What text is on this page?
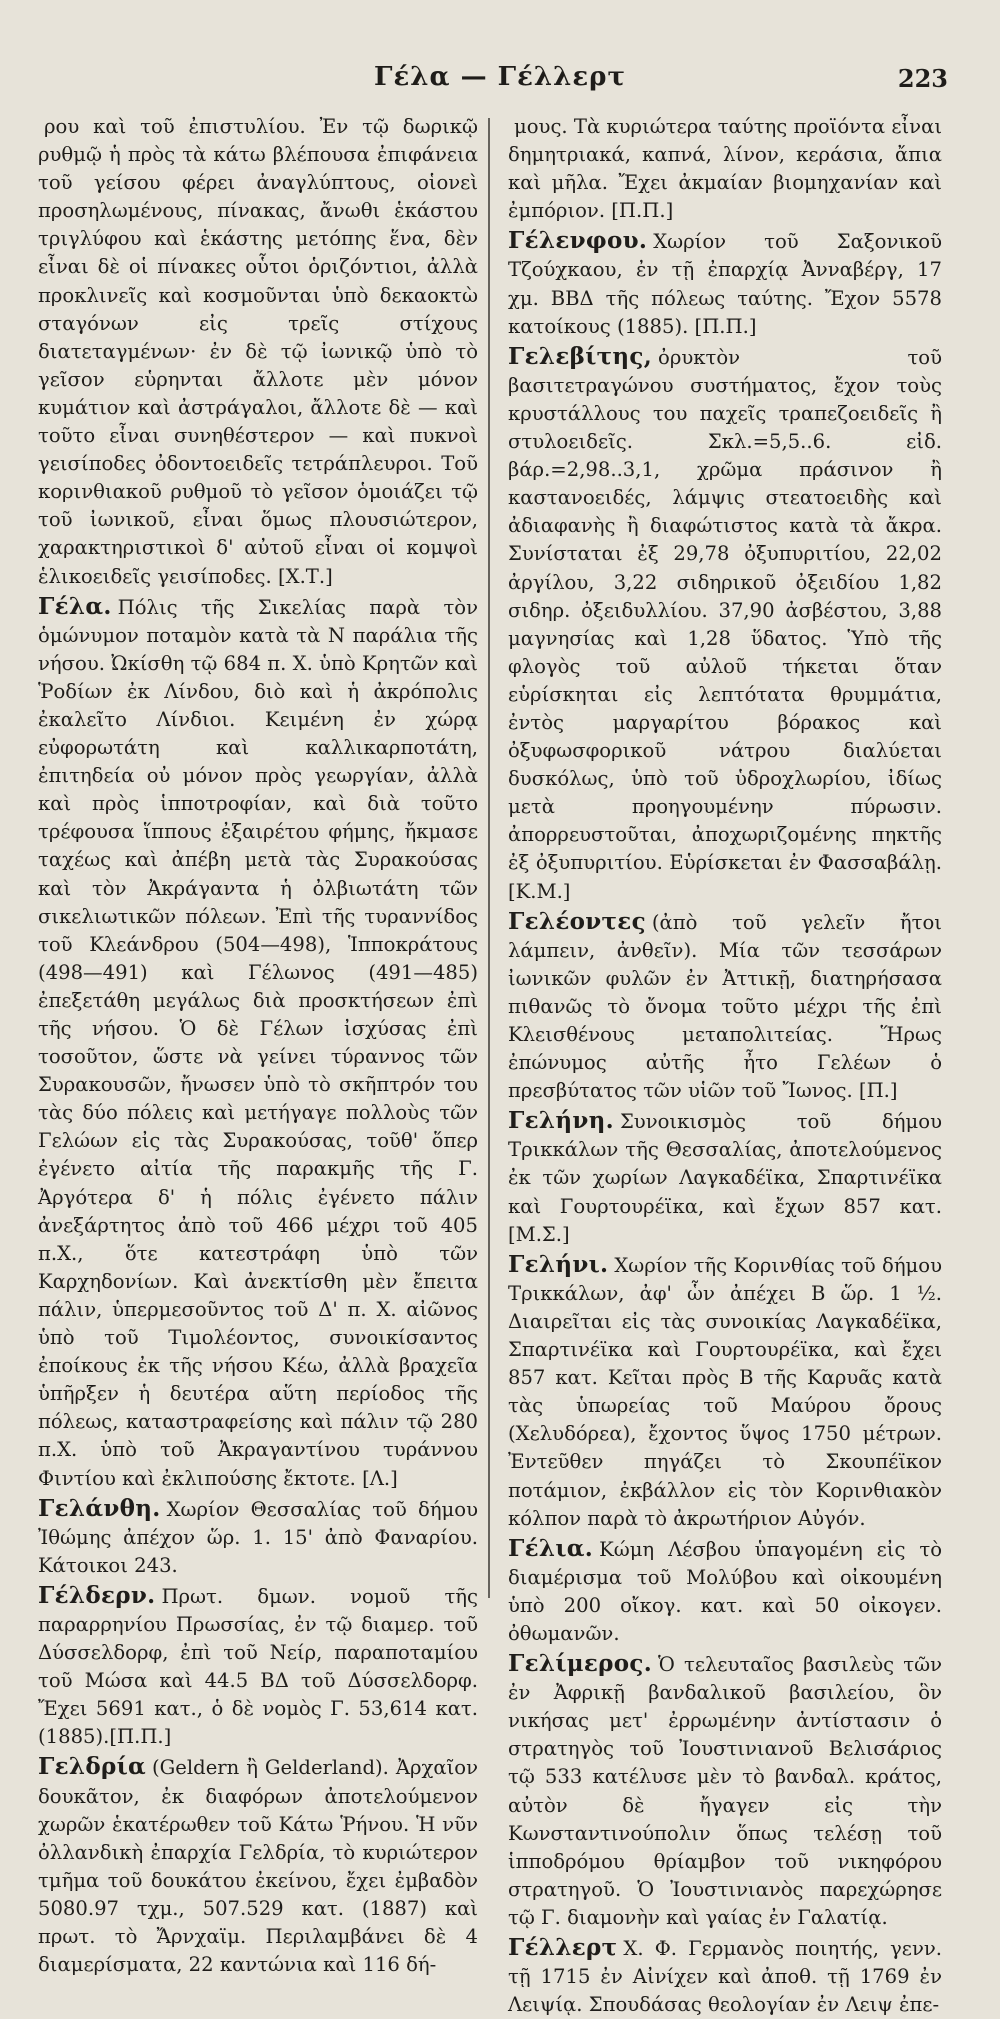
Γέλα — Γέλλερτ	223

ρου καὶ τοῦ ἐπιστυλίου. Ἐν τῷ δωρικῷ ρυθμῷ ἡ πρὸς τὰ κάτω βλέπουσα ἐπιφάνεια τοῦ γείσου φέρει ἀναγλύπτους, οἱονεὶ προσηλωμένους, πίνακας, ἄνωθι ἑκάστου τριγλύφου καὶ ἑκάστης μετόπης ἕνα, δὲν εἶναι δὲ οἱ πίνακες οὗτοι ὁριζόντιοι, ἀλλὰ προκλινεῖς καὶ κοσμοῦνται ὑπὸ δεκαοκτὼ σταγόνων εἰς τρεῖς στίχους διατεταγμένων· ἐν δὲ τῷ ἰωνικῷ ὑπὸ τὸ γεῖσον εὑρηνται ἄλλοτε μὲν μόνον κυμάτιον καὶ ἀστράγαλοι, ἄλλοτε δὲ — καὶ τοῦτο εἶναι συνηθέστερον — καὶ πυκνοὶ γεισίποδες ὀδοντοειδεῖς τετράπλευροι. Τοῦ κορινθιακοῦ ρυθμοῦ τὸ γεῖσον ὁμοιάζει τῷ τοῦ ἰωνικοῦ, εἶναι ὅμως πλουσιώτερον, χαρακτηριστικοὶ δ' αὐτοῦ εἶναι οἱ κομψοὶ ἑλικοειδεῖς γεισίποδες. [Χ.Τ.]

Γέλα. Πόλις τῆς Σικελίας παρὰ τὸν ὁμώνυμον ποταμὸν κατὰ τὰ Ν παράλια τῆς νήσου. Ὠκίσθη τῷ 684 π. Χ. ὑπὸ Κρητῶν καὶ Ῥοδίων ἐκ Λίνδου, διὸ καὶ ἡ ἀκρόπολις ἐκαλεῖτο Λίνδιοι. Κειμένη ἐν χώρᾳ εὐφορωτάτη καὶ καλλικαρποτάτη, ἐπιτηδεία οὐ μόνον πρὸς γεωργίαν, ἀλλὰ καὶ πρὸς ἱπποτροφίαν, καὶ διὰ τοῦτο τρέφουσα ἵππους ἐξαιρέτου φήμης, ἤκμασε ταχέως καὶ ἀπέβη μετὰ τὰς Συρακούσας καὶ τὸν Ἀκράγαντα ἡ ὀλβιωτάτη τῶν σικελιωτικῶν πόλεων. Ἐπὶ τῆς τυραννίδος τοῦ Κλεάνδρου (504—498), Ἱπποκράτους (498—491) καὶ Γέλωνος (491—485) ἐπεξετάθη μεγάλως διὰ προσκτήσεων ἐπὶ τῆς νήσου. Ὁ δὲ Γέλων ἰσχύσας ἐπὶ τοσοῦτον, ὥστε νὰ γείνει τύραννος τῶν Συρακουσῶν, ἤνωσεν ὑπὸ τὸ σκῆπτρόν του τὰς δύο πόλεις καὶ μετήγαγε πολλοὺς τῶν Γελώων εἰς τὰς Συρακούσας, τοῦθ' ὅπερ ἐγένετο αἰτία τῆς παρακμῆς τῆς Γ. Ἀργότερα δ' ἡ πόλις ἐγένετο πάλιν ἀνεξάρτητος ἀπὸ τοῦ 466 μέχρι τοῦ 405 π.Χ., ὅτε κατεστράφη ὑπὸ τῶν Καρχηδονίων. Καὶ ἀνεκτίσθη μὲν ἔπειτα πάλιν, ὑπερμεσοῦντος τοῦ Δ' π. Χ. αἰῶνος ὑπὸ τοῦ Τιμολέοντος, συνοικίσαντος ἐποίκους ἐκ τῆς νήσου Κέω, ἀλλὰ βραχεῖα ὑπῆρξεν ἡ δευτέρα αὕτη περίοδος τῆς πόλεως, καταστραφείσης καὶ πάλιν τῷ 280 π.Χ. ὑπὸ τοῦ Ἀκραγαντίνου τυράννου Φιντίου καὶ ἐκλιπούσης ἔκτοτε. [Λ.]

Γελάνθη. Χωρίον Θεσσαλίας τοῦ δήμου Ἰθώμης ἀπέχον ὥρ. 1. 15' ἀπὸ Φαναρίου. Κάτοικοι 243.

Γέλδερν. Πρωτ. δμων. νομοῦ τῆς παραρρηνίου Πρωσσίας, ἐν τῷ διαμερ. τοῦ Δύσσελδορφ, ἐπὶ τοῦ Νείρ, παραποταμίου τοῦ Μώσα καὶ 44.5 ΒΔ τοῦ Δύσσελδορφ. Ἔχει 5691 κατ., ὁ δὲ νομὸς Γ. 53,614 κατ.(1885).[Π.Π.]

Γελδρία (Geldern ἢ Gelderland). Ἀρχαῖον δουκᾶτον, ἐκ διαφόρων ἀποτελούμενον χωρῶν ἑκατέρωθεν τοῦ Κάτω Ῥήνου. Ἡ νῦν ὀλλανδικὴ ἐπαρχία Γελδρία, τὸ κυριώτερον τμῆμα τοῦ δουκάτου ἐκείνου, ἔχει ἐμβαδὸν 5080.97 τχμ., 507.529 κατ. (1887) καὶ πρωτ. τὸ Ἄρνχαϊμ. Περιλαμβάνει δὲ 4 διαμερίσματα, 22 καντώνια καὶ 116 δή-

μους. Τὰ κυριώτερα ταύτης προϊόντα εἶναι δημητριακά, καπνά, λίνον, κεράσια, ἄπια καὶ μῆλα. Ἔχει ἀκμαίαν βιομηχανίαν καὶ ἐμπόριον. [Π.Π.]

Γέλενφου. Χωρίον τοῦ Σαξονικοῦ Τζούχκαου, ἐν τῇ ἐπαρχίᾳ Ἀνναβέργ, 17 χμ. ΒΒΔ τῆς πόλεως ταύτης. Ἔχον 5578 κατοίκους (1885). [Π.Π.]

Γελεβίτης, ὀρυκτὸν τοῦ βασιτετραγώνου συστήματος, ἔχον τοὺς κρυστάλλους του παχεῖς τραπεζοειδεῖς ἢ στυλοειδεῖς. Σκλ.=5,5..6. εἰδ. βάρ.=2,98..3,1, χρῶμα πράσινον ἢ καστανοειδές, λάμψις στεατοειδὴς καὶ ἀδιαφανὴς ἢ διαφώτιστος κατὰ τὰ ἄκρα. Συνίσταται ἐξ 29,78 ὀξυπυριτίου, 22,02 ἀργίλου, 3,22 σιδηρικοῦ ὀξειδίου 1,82 σιδηρ. ὀξειδυλλίου. 37,90 ἀσβέστου, 3,88 μαγνησίας καὶ 1,28 ὕδατος. Ὑπὸ τῆς φλογὸς τοῦ αὐλοῦ τήκεται ὅταν εὑρίσκηται εἰς λεπτότατα θρυμμάτια, ἐντὸς μαργαρίτου βόρακος καὶ ὀξυφωσφορικοῦ νάτρου διαλύεται δυσκόλως, ὑπὸ τοῦ ὑδροχλωρίου, ἰδίως μετὰ προηγουμένην πύρωσιν. ἀπορρευστοῦται, ἀποχωριζομένης πηκτῆς ἐξ ὀξυπυριτίου. Εὑρίσκεται ἐν Φασσαβάλῃ. [Κ.Μ.]

Γελέοντες (ἀπὸ τοῦ γελεῖν ἤτοι λάμπειν, ἀνθεῖν). Μία τῶν τεσσάρων ἰωνικῶν φυλῶν ἐν Ἀττικῇ, διατηρήσασα πιθανῶς τὸ ὄνομα τοῦτο μέχρι τῆς ἐπὶ Κλεισθένους μεταπολιτείας. Ἥρως ἐπώνυμος αὐτῆς ἦτο Γελέων ὁ πρεσβύτατος τῶν υἱῶν τοῦ Ἴωνος. [Π.]

Γελήνη. Συνοικισμὸς τοῦ δήμου Τρικκάλων τῆς Θεσσαλίας, ἀποτελούμενος ἐκ τῶν χωρίων Λαγκαδέϊκα, Σπαρτινέϊκα καὶ Γουρτουρέϊκα, καὶ ἔχων 857 κατ. [Μ.Σ.]

Γελήνι. Χωρίον τῆς Κορινθίας τοῦ δήμου Τρικκάλων, ἀφ' ὧν ἀπέχει Β ὥρ. 1 ½. Διαιρεῖται εἰς τὰς συνοικίας Λαγκαδέϊκα, Σπαρτινέϊκα καὶ Γουρτουρέϊκα, καὶ ἔχει 857 κατ. Κεῖται πρὸς Β τῆς Καρυᾶς κατὰ τὰς ὑπωρείας τοῦ Μαύρου ὄρους (Χελυδόρεα), ἔχοντος ὕψος 1750 μέτρων. Ἐντεῦθεν πηγάζει τὸ Σκουπέϊκον ποτάμιον, ἐκβάλλον εἰς τὸν Κορινθιακὸν κόλπον παρὰ τὸ ἀκρωτήριον Αὐγόν.

Γέλια. Κώμη Λέσβου ὑπαγομένη εἰς τὸ διαμέρισμα τοῦ Μολύβου καὶ οἰκουμένη ὑπὸ 200 οἴκογ. κατ. καὶ 50 οἰκογεν. ὀθωμανῶν.

Γελίμερος. Ὁ τελευταῖος βασιλεὺς τῶν ἐν Ἀφρικῇ βανδαλικοῦ βασιλείου, ὃν νικήσας μετ' ἐρρωμένην ἀντίστασιν ὁ στρατηγὸς τοῦ Ἰουστινιανοῦ Βελισάριος τῷ 533 κατέλυσε μὲν τὸ βανδαλ. κράτος, αὐτὸν δὲ ἤγαγεν εἰς τὴν Κωνσταντινούπολιν ὅπως τελέσῃ τοῦ ἱπποδρόμου θρίαμβον τοῦ νικηφόρου στρατηγοῦ. Ὁ Ἰουστινιανὸς παρεχώρησε τῷ Γ. διαμονὴν καὶ γαίας ἐν Γαλατίᾳ.

Γέλλερτ Χ. Φ. Γερμανὸς ποιητής, γενν. τῇ 1715 ἐν Αἰνίχεν καὶ ἀποθ. τῇ 1769 ἐν Λειψίᾳ. Σπουδάσας θεολογίαν ἐν Λειψ ἐπε-
